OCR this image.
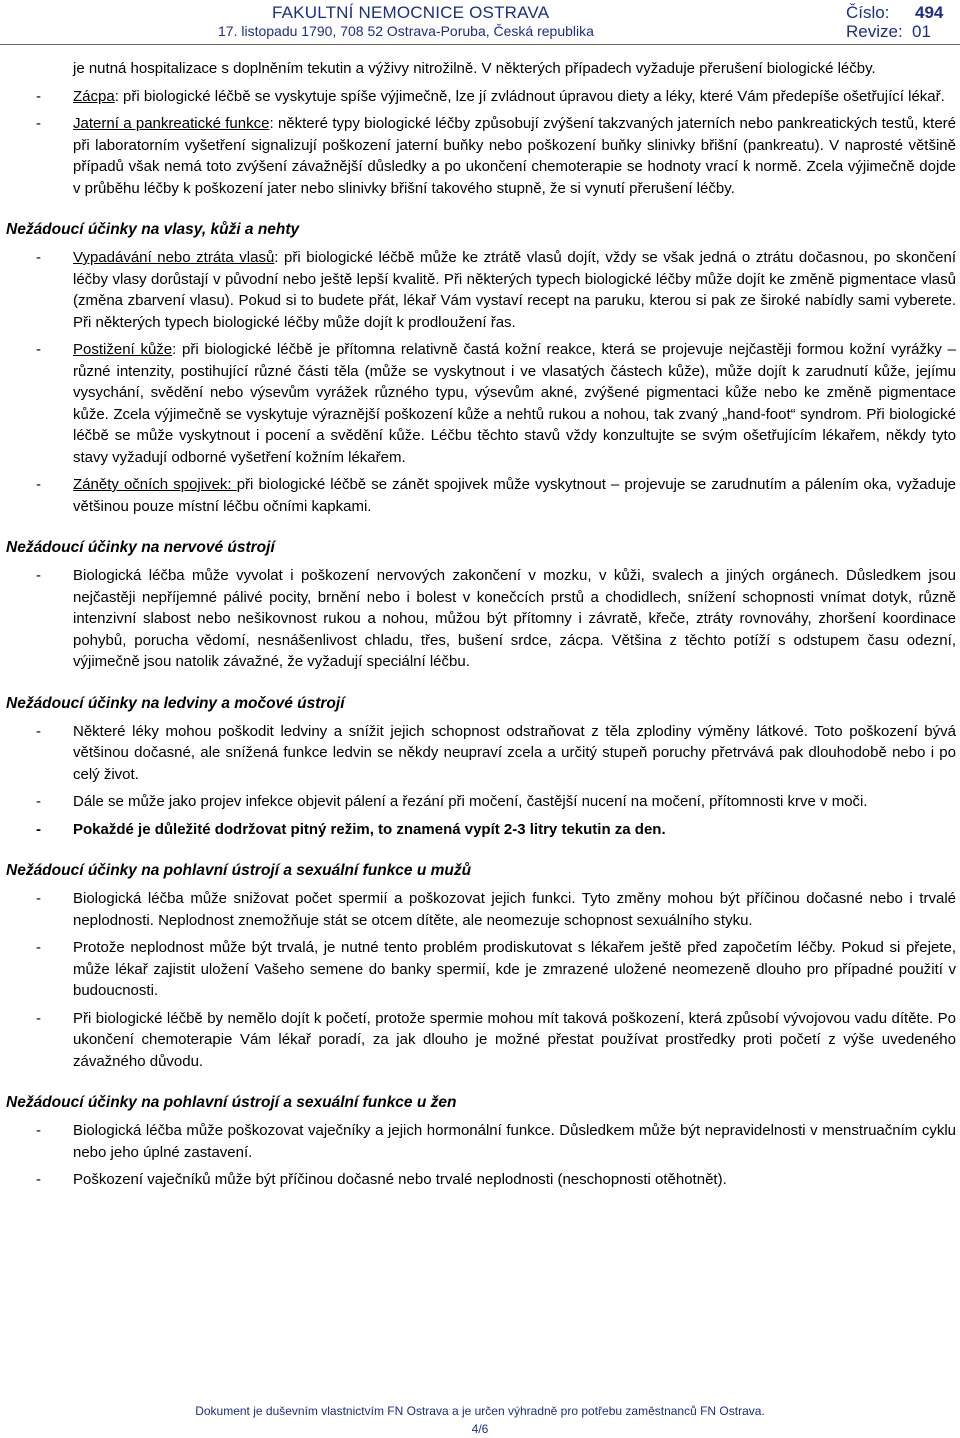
FAKULTNÍ NEMOCNICE OSTRAVA
17. listopadu 1790, 708 52 Ostrava-Poruba, Česká republika
Číslo: 494
Revize: 01

je nutná hospitalizace s doplněním tekutin a výživy nitrožilně. V některých případech vyžaduje přerušení biologické léčby.

- Zácpa: při biologické léčbě se vyskytuje spíše výjimečně, lze jí zvládnout úpravou diety a léky, které Vám předepíše ošetřující lékař.

- Jaterní a pankreatické funkce: některé typy biologické léčby způsobují zvýšení takzvaných jaterních nebo pankreatických testů, které při laboratorním vyšetření signalizují poškození jaterní buňky nebo poškození buňky slinivky břišní (pankreatu). V naprosté většině případů však nemá toto zvýšení závažnější důsledky a po ukončení chemoterapie se hodnoty vrací k normě. Zcela výjimečně dojde v průběhu léčby k poškození jater nebo slinivky břišní takového stupně, že si vynutí přerušení léčby.

Nežádoucí účinky na vlasy, kůži a nehty

- Vypadávání nebo ztráta vlasů: při biologické léčbě může ke ztrátě vlasů dojít, vždy se však jedná o ztrátu dočasnou, po skončení léčby vlasy dorůstají v původní nebo ještě lepší kvalitě. Při některých typech biologické léčby může dojít ke změně pigmentace vlasů (změna zbarvení vlasu). Pokud si to budete přát, lékař Vám vystaví recept na paruku, kterou si pak ze široké nabídly sami vyberete. Při některých typech biologické léčby může dojít k prodloužení řas.

- Postižení kůže: při biologické léčbě je přítomna relativně častá kožní reakce, která se projevuje nejčastěji formou kožní vyrážky – různé intenzity, postihující různé části těla (může se vyskytnout i ve vlasatých částech kůže), může dojít k zarudnutí kůže, jejímu vysychání, svědění nebo výsevům vyrážek různého typu, výsevům akné, zvýšené pigmentaci kůže nebo ke změně pigmentace kůže. Zcela výjimečně se vyskytuje výraznější poškození kůže a nehtů rukou a nohou, tak zvaný „hand-foot“ syndrom. Při biologické léčbě se může vyskytnout i pocení a svědění kůže. Léčbu těchto stavů vždy konzultujte se svým ošetřujícím lékařem, někdy tyto stavy vyžadují odborné vyšetření kožním lékařem.

- Záněty očních spojivek: při biologické léčbě se zánět spojivek může vyskytnout – projevuje se zarudnutím a pálením oka, vyžaduje většinou pouze místní léčbu očními kapkami.

Nežádoucí účinky na nervové ústrojí

- Biologická léčba může vyvolat i poškození nervových zakončení v mozku, v kůži, svalech a jiných orgánech. Důsledkem jsou nejčastěji nepříjemné pálivé pocity, brnění nebo i bolest v konečcích prstů a chodidlech, snížení schopnosti vnímat dotyk, různě intenzivní slabost nebo nešikovnost rukou a nohou, můžou být přítomny i závratě, křeče, ztráty rovnováhy, zhoršení koordinace pohybů, porucha vědomí, nesnášenlivost chladu, třes, bušení srdce, zácpa. Většina z těchto potíží s odstupem času odezní, výjimečně jsou natolik závažné, že vyžadují speciální léčbu.

Nežádoucí účinky na ledviny a močové ústrojí

- Některé léky mohou poškodit ledviny a snížit jejich schopnost odstraňovat z těla zplodiny výměny látkové. Toto poškození bývá většinou dočasné, ale snížená funkce ledvin se někdy neupraví zcela a určitý stupeň poruchy přetrvává pak dlouhodobě nebo i po celý život.

- Dále se může jako projev infekce objevit pálení a řezání při močení, častější nucení na močení, přítomnosti krve v moči.

- Pokaždé je důležité dodržovat pitný režim, to znamená vypít 2-3 litry tekutin za den.

Nežádoucí účinky na pohlavní ústrojí a sexuální funkce u mužů

- Biologická léčba může snižovat počet spermií a poškozovat jejich funkci. Tyto změny mohou být příčinou dočasné nebo i trvalé neplodnosti. Neplodnost znemožňuje stát se otcem dítěte, ale neomezuje schopnost sexuálního styku.

- Protože neplodnost může být trvalá, je nutné tento problém prodiskutovat s lékařem ještě před započetím léčby. Pokud si přejete, může lékař zajistit uložení Vašeho semene do banky spermií, kde je zmrazené uložené neomezeně dlouho pro případné použití v budoucnosti.

- Při biologické léčbě by nemělo dojít k početí, protože spermie mohou mít taková poškození, která způsobí vývojovou vadu dítěte. Po ukončení chemoterapie Vám lékař poradí, za jak dlouho je možné přestat používat prostředky proti početí z výše uvedeného závažného důvodu.

Nežádoucí účinky na pohlavní ústrojí a sexuální funkce u žen

- Biologická léčba může poškozovat vaječníky a jejich hormonální funkce. Důsledkem může být nepravidelnosti v menstruačním cyklu nebo jeho úplné zastavení.

- Poškození vaječníků může být příčinou dočasné nebo trvalé neplodnosti (neschopnosti otěhotnět).

Dokument je duševním vlastnictvím FN Ostrava a je určen výhradně pro potřebu zaměstnanců FN Ostrava.
4/6
